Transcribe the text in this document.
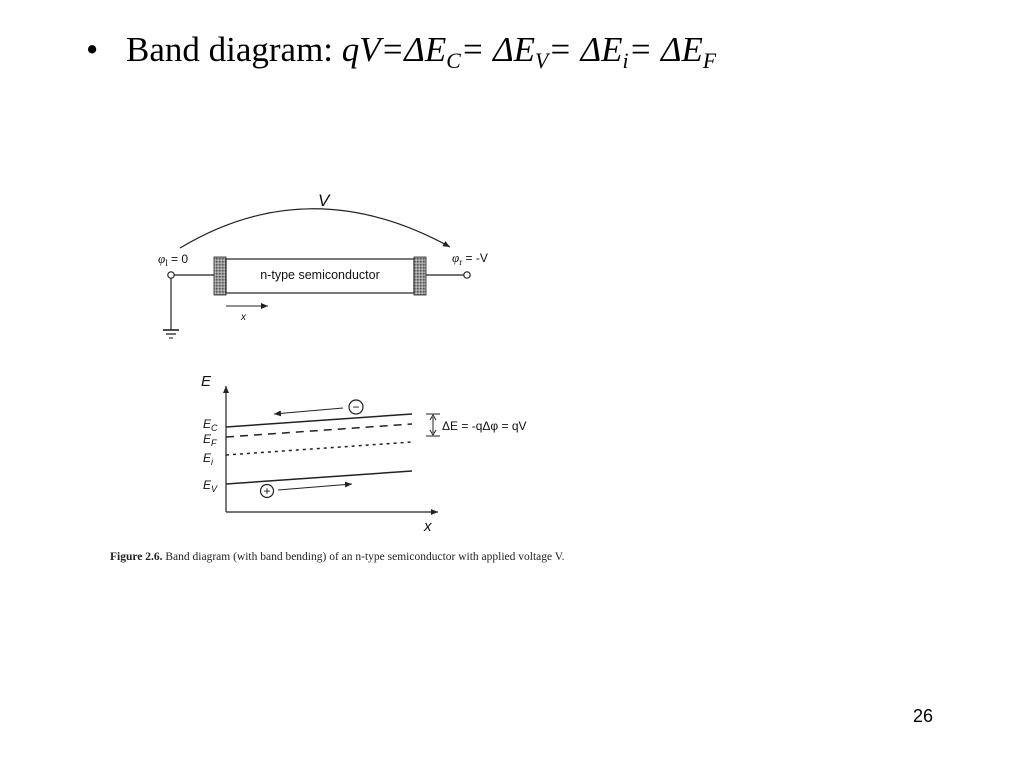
• Band diagram: $qV=\Delta E_C= \Delta E_V= \Delta E_i= \Delta E_F$
V
$\varphi_l = 0$	$\varphi_r = -V$
n-type semiconductor
x
E
x
$E_C$
$E_F$
$E_i$
$E_V$
−
+
ΔE = -qΔφ = qV
Figure 2.6. Band diagram (with band bending) of an n-type semiconductor with applied voltage V.
26
